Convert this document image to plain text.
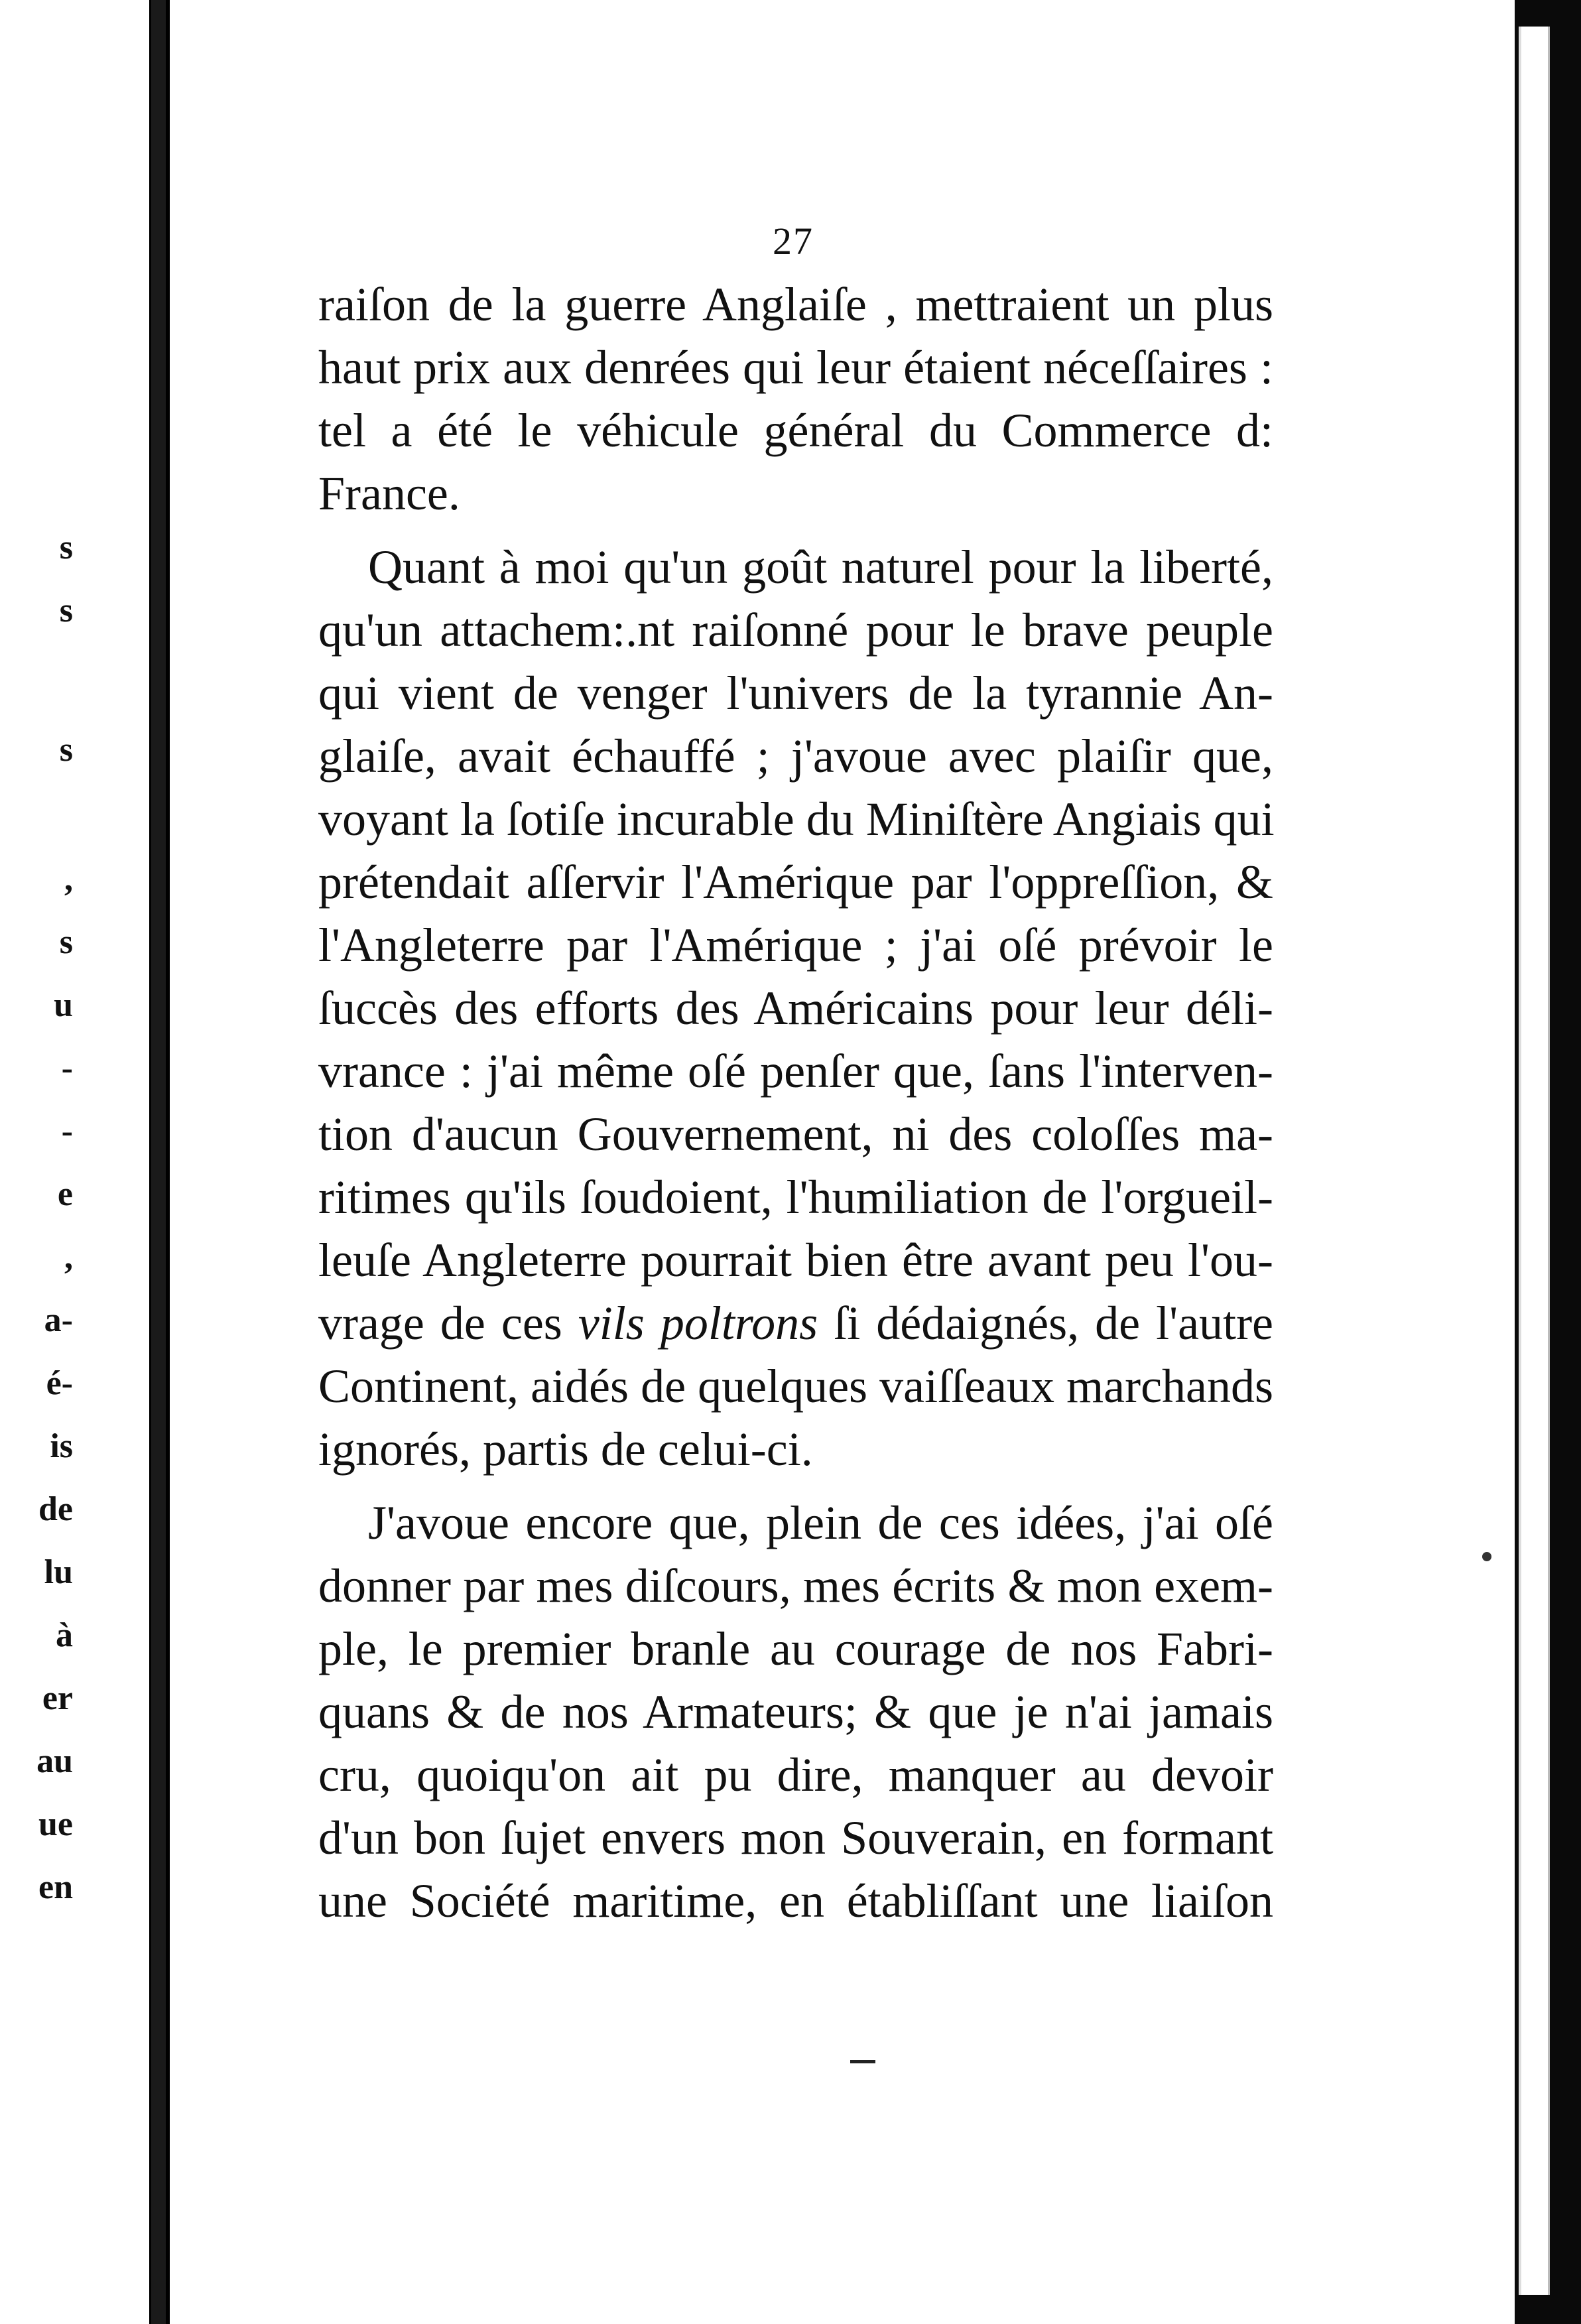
s
s
s
,
s
u
-
-
e
,
a-
é-
is
de
lu
à
er
au
ue
en
27
raiſon de la guerre Anglaiſe , mettraient un plus
haut prix aux denrées qui leur étaient néceſſaires :
tel a été le véhicule général du Commerce d:
France.
Quant à moi qu'un goût naturel pour la liberté,
qu'un attachem:.nt raiſonné pour le brave peuple
qui vient de venger l'univers de la tyrannie An-
glaiſe, avait échauffé ; j'avoue avec plaiſir que,
voyant la ſotiſe incurable du Miniſtère Angiais qui
prétendait aſſervir l'Amérique par l'oppreſſion, &
l'Angleterre par l'Amérique ; j'ai oſé prévoir le
ſuccès des efforts des Américains pour leur déli-
vrance : j'ai même oſé penſer que, ſans l'interven-
tion d'aucun Gouvernement, ni des coloſſes ma-
ritimes qu'ils ſoudoient, l'humiliation de l'orgueil-
leuſe Angleterre pourrait bien être avant peu l'ou-
vrage de ces vils poltrons ſi dédaignés, de l'autre
Continent, aidés de quelques vaiſſeaux marchands
ignorés, partis de celui-ci.
J'avoue encore que, plein de ces idées, j'ai oſé
donner par mes diſcours, mes écrits & mon exem-
ple, le premier branle au courage de nos Fabri-
quans & de nos Armateurs; & que je n'ai jamais
cru, quoiqu'on ait pu dire, manquer au devoir
d'un bon ſujet envers mon Souverain, en formant
une Société maritime, en établiſſant une liaiſon
